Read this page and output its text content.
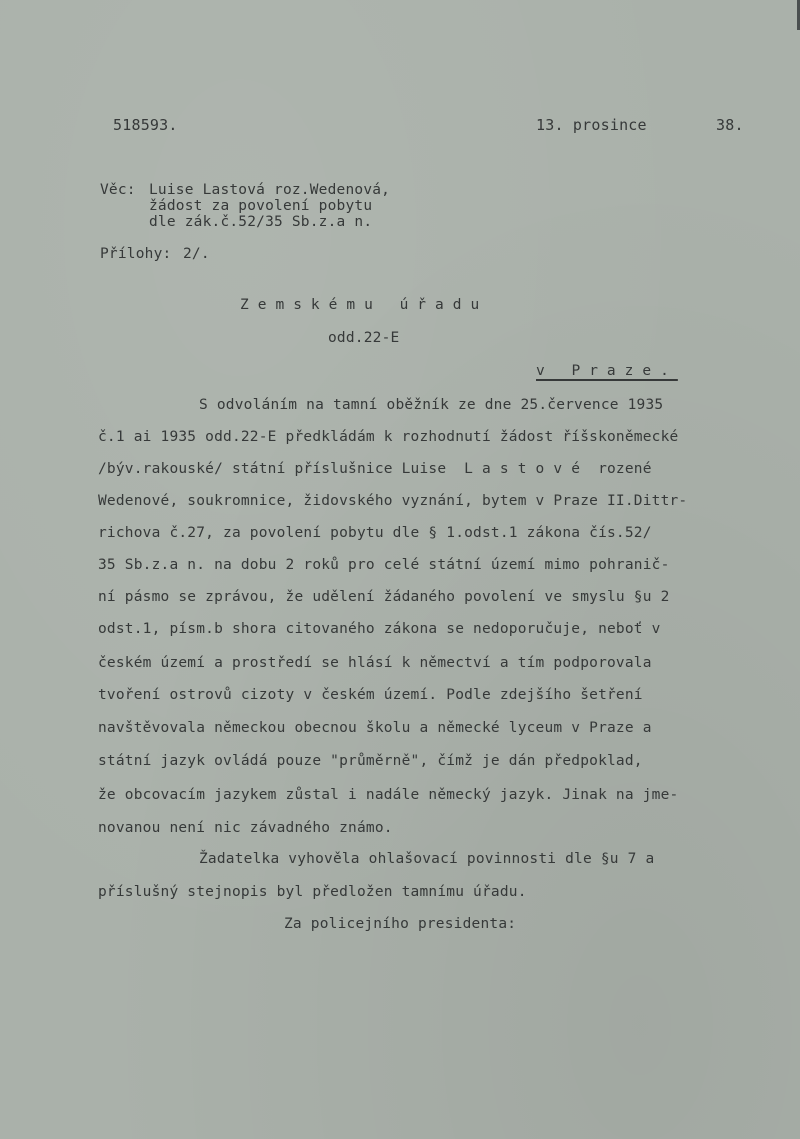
518593.	13. prosince	38.
Věc: Luise Lastová roz.Wedenová,
žádost za povolení pobytu
dle zák.č.52/35 Sb.z.a n.
Přílohy: 2/.
Zemskému úřadu
odd.22-E
v Praze.
S odvoláním na tamní oběžník ze dne 25.července 1935
č.1 ai 1935 odd.22-E předkládám k rozhodnutí žádost říšskoněmecké
/býv.rakouské/ státní příslušnice Luise  L a s t o v é  rozené
Wedenové, soukromnice, židovského vyznání, bytem v Praze II.Dittr-
richova č.27, za povolení pobytu dle § 1.odst.1 zákona čís.52/
35 Sb.z.a n. na dobu 2 roků pro celé státní území mimo pohranič-
ní pásmo se zprávou, že udělení žádaného povolení ve smyslu §u 2
odst.1, písm.b shora citovaného zákona se nedoporučuje, neboť v
českém území a prostředí se hlásí k němectví a tím podporovala
tvoření ostrovů cizoty v českém území. Podle zdejšího šetření
navštěvovala německou obecnou školu a německé lyceum v Praze a
státní jazyk ovládá pouze "průměrně", čímž je dán předpoklad,
že obcovacím jazykem zůstal i nadále německý jazyk. Jinak na jme-
novanou není nic závadného známo.
Žadatelka vyhověla ohlašovací povinnosti dle §u 7 a
příslušný stejnopis byl předložen tamnímu úřadu.
Za policejního presidenta:
